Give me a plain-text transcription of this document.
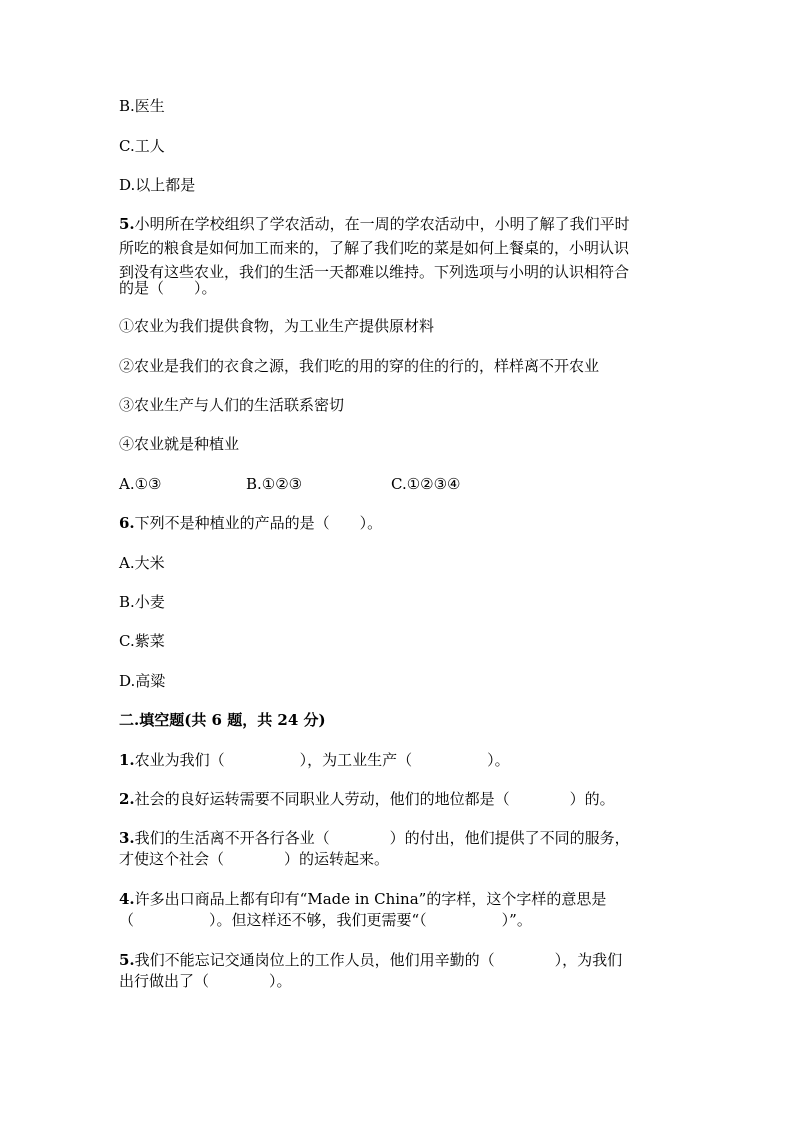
B.医生
C.工人
D.以上都是
5.小明所在学校组织了学农活动，在一周的学农活动中，小明了解了我们平时
所吃的粮食是如何加工而来的，了解了我们吃的菜是如何上餐桌的，小明认识
到没有这些农业，我们的生活一天都难以维持。下列选项与小明的认识相符合
的是（　　）。
①农业为我们提供食物，为工业生产提供原材料
②农业是我们的衣食之源，我们吃的用的穿的住的行的，样样离不开农业
③农业生产与人们的生活联系密切
④农业就是种植业
A.①③	B.①②③	C.①②③④
6.下列不是种植业的产品的是（　　）。
A.大米
B.小麦
C.紫菜
D.高粱
二.填空题(共 6 题，共 24 分)
1.农业为我们（　　　　　），为工业生产（　　　　　）。
2.社会的良好运转需要不同职业人劳动，他们的地位都是（　　　　）的。
3.我们的生活离不开各行各业（　　　　）的付出，他们提供了不同的服务，
才使这个社会（　　　　）的运转起来。
4.许多出口商品上都有印有“Made in China”的字样，这个字样的意思是
（　　　　　）。但这样还不够，我们更需要“（　　　　　）”。
5.我们不能忘记交通岗位上的工作人员，他们用辛勤的（　　　　），为我们
出行做出了（　　　　）。
